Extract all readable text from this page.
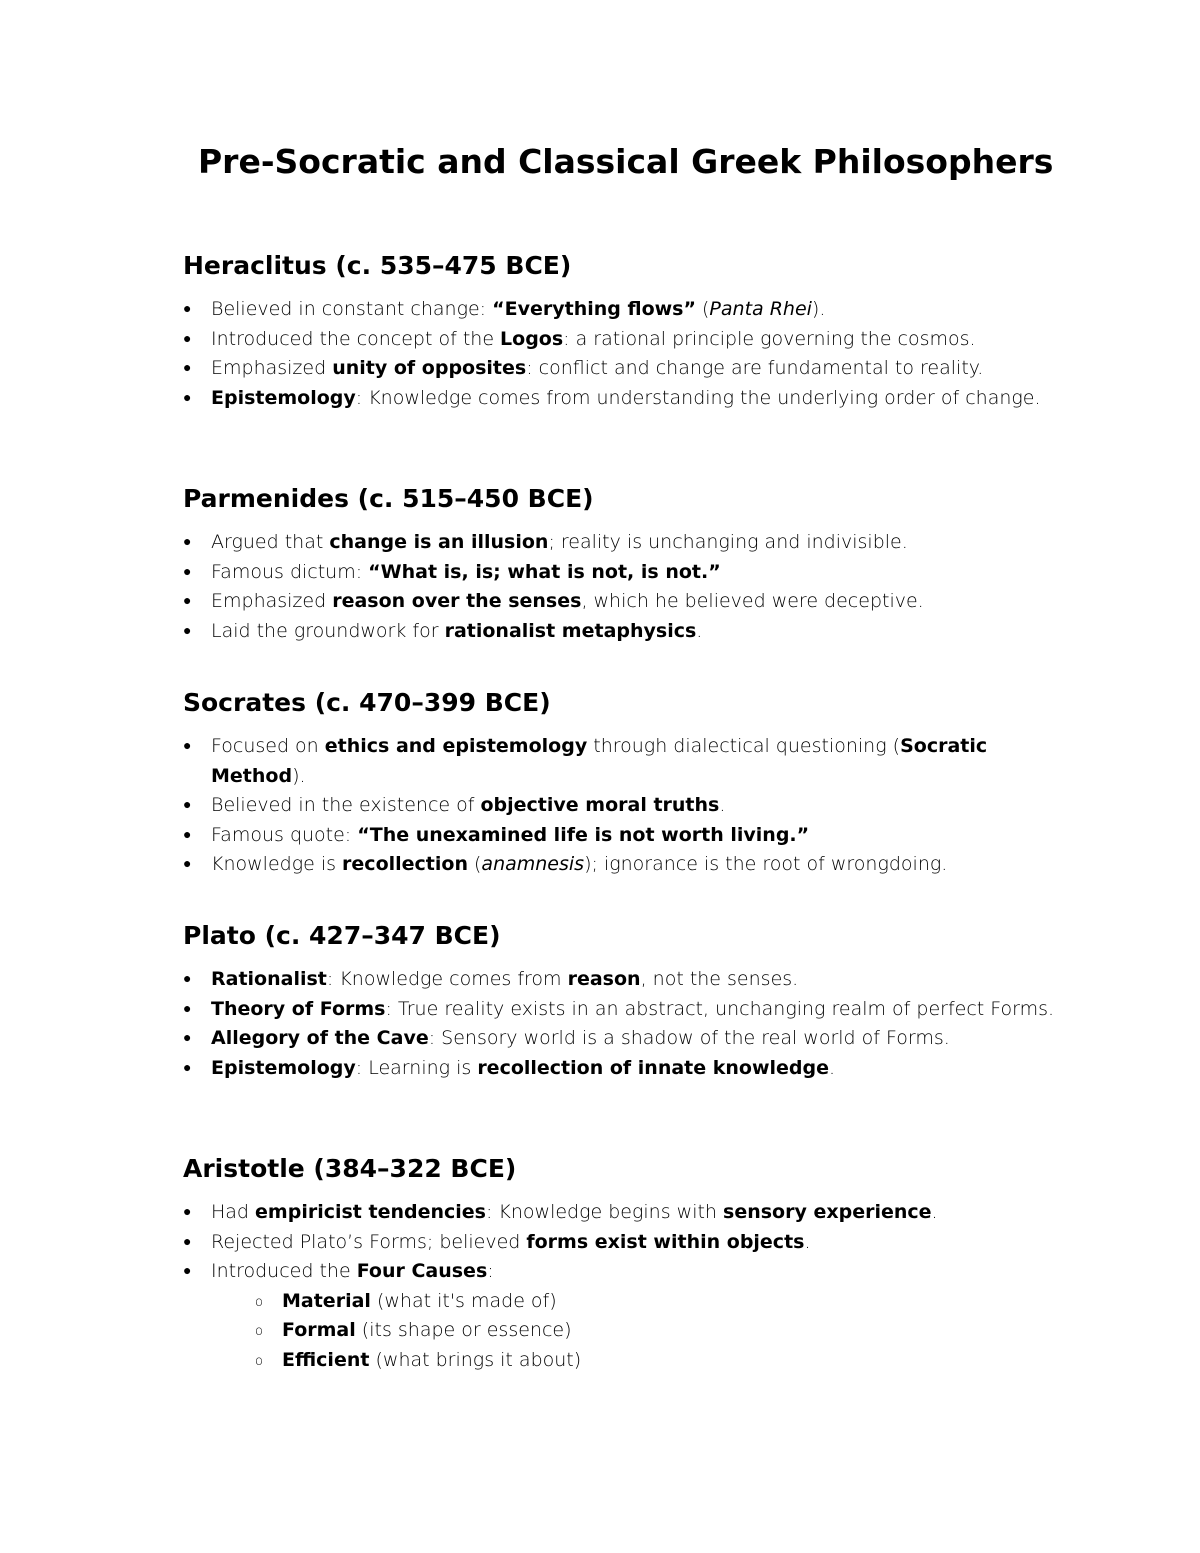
Pre-Socratic and Classical Greek Philosophers
Heraclitus (c. 535–475 BCE)
● Believed in constant change: “Everything flows” (Panta Rhei).
● Introduced the concept of the Logos: a rational principle governing the cosmos.
● Emphasized unity of opposites: conflict and change are fundamental to reality.
● Epistemology: Knowledge comes from understanding the underlying order of change.
Parmenides (c. 515–450 BCE)
● Argued that change is an illusion; reality is unchanging and indivisible.
● Famous dictum: “What is, is; what is not, is not.”
● Emphasized reason over the senses, which he believed were deceptive.
● Laid the groundwork for rationalist metaphysics.
Socrates (c. 470–399 BCE)
● Focused on ethics and epistemology through dialectical questioning (Socratic Method).
● Believed in the existence of objective moral truths.
● Famous quote: “The unexamined life is not worth living.”
● Knowledge is recollection (anamnesis); ignorance is the root of wrongdoing.
Plato (c. 427–347 BCE)
● Rationalist: Knowledge comes from reason, not the senses.
● Theory of Forms: True reality exists in an abstract, unchanging realm of perfect Forms.
● Allegory of the Cave: Sensory world is a shadow of the real world of Forms.
● Epistemology: Learning is recollection of innate knowledge.
Aristotle (384–322 BCE)
● Had empiricist tendencies: Knowledge begins with sensory experience.
● Rejected Plato’s Forms; believed forms exist within objects.
● Introduced the Four Causes:
o Material (what it's made of)
o Formal (its shape or essence)
o Efficient (what brings it about)
